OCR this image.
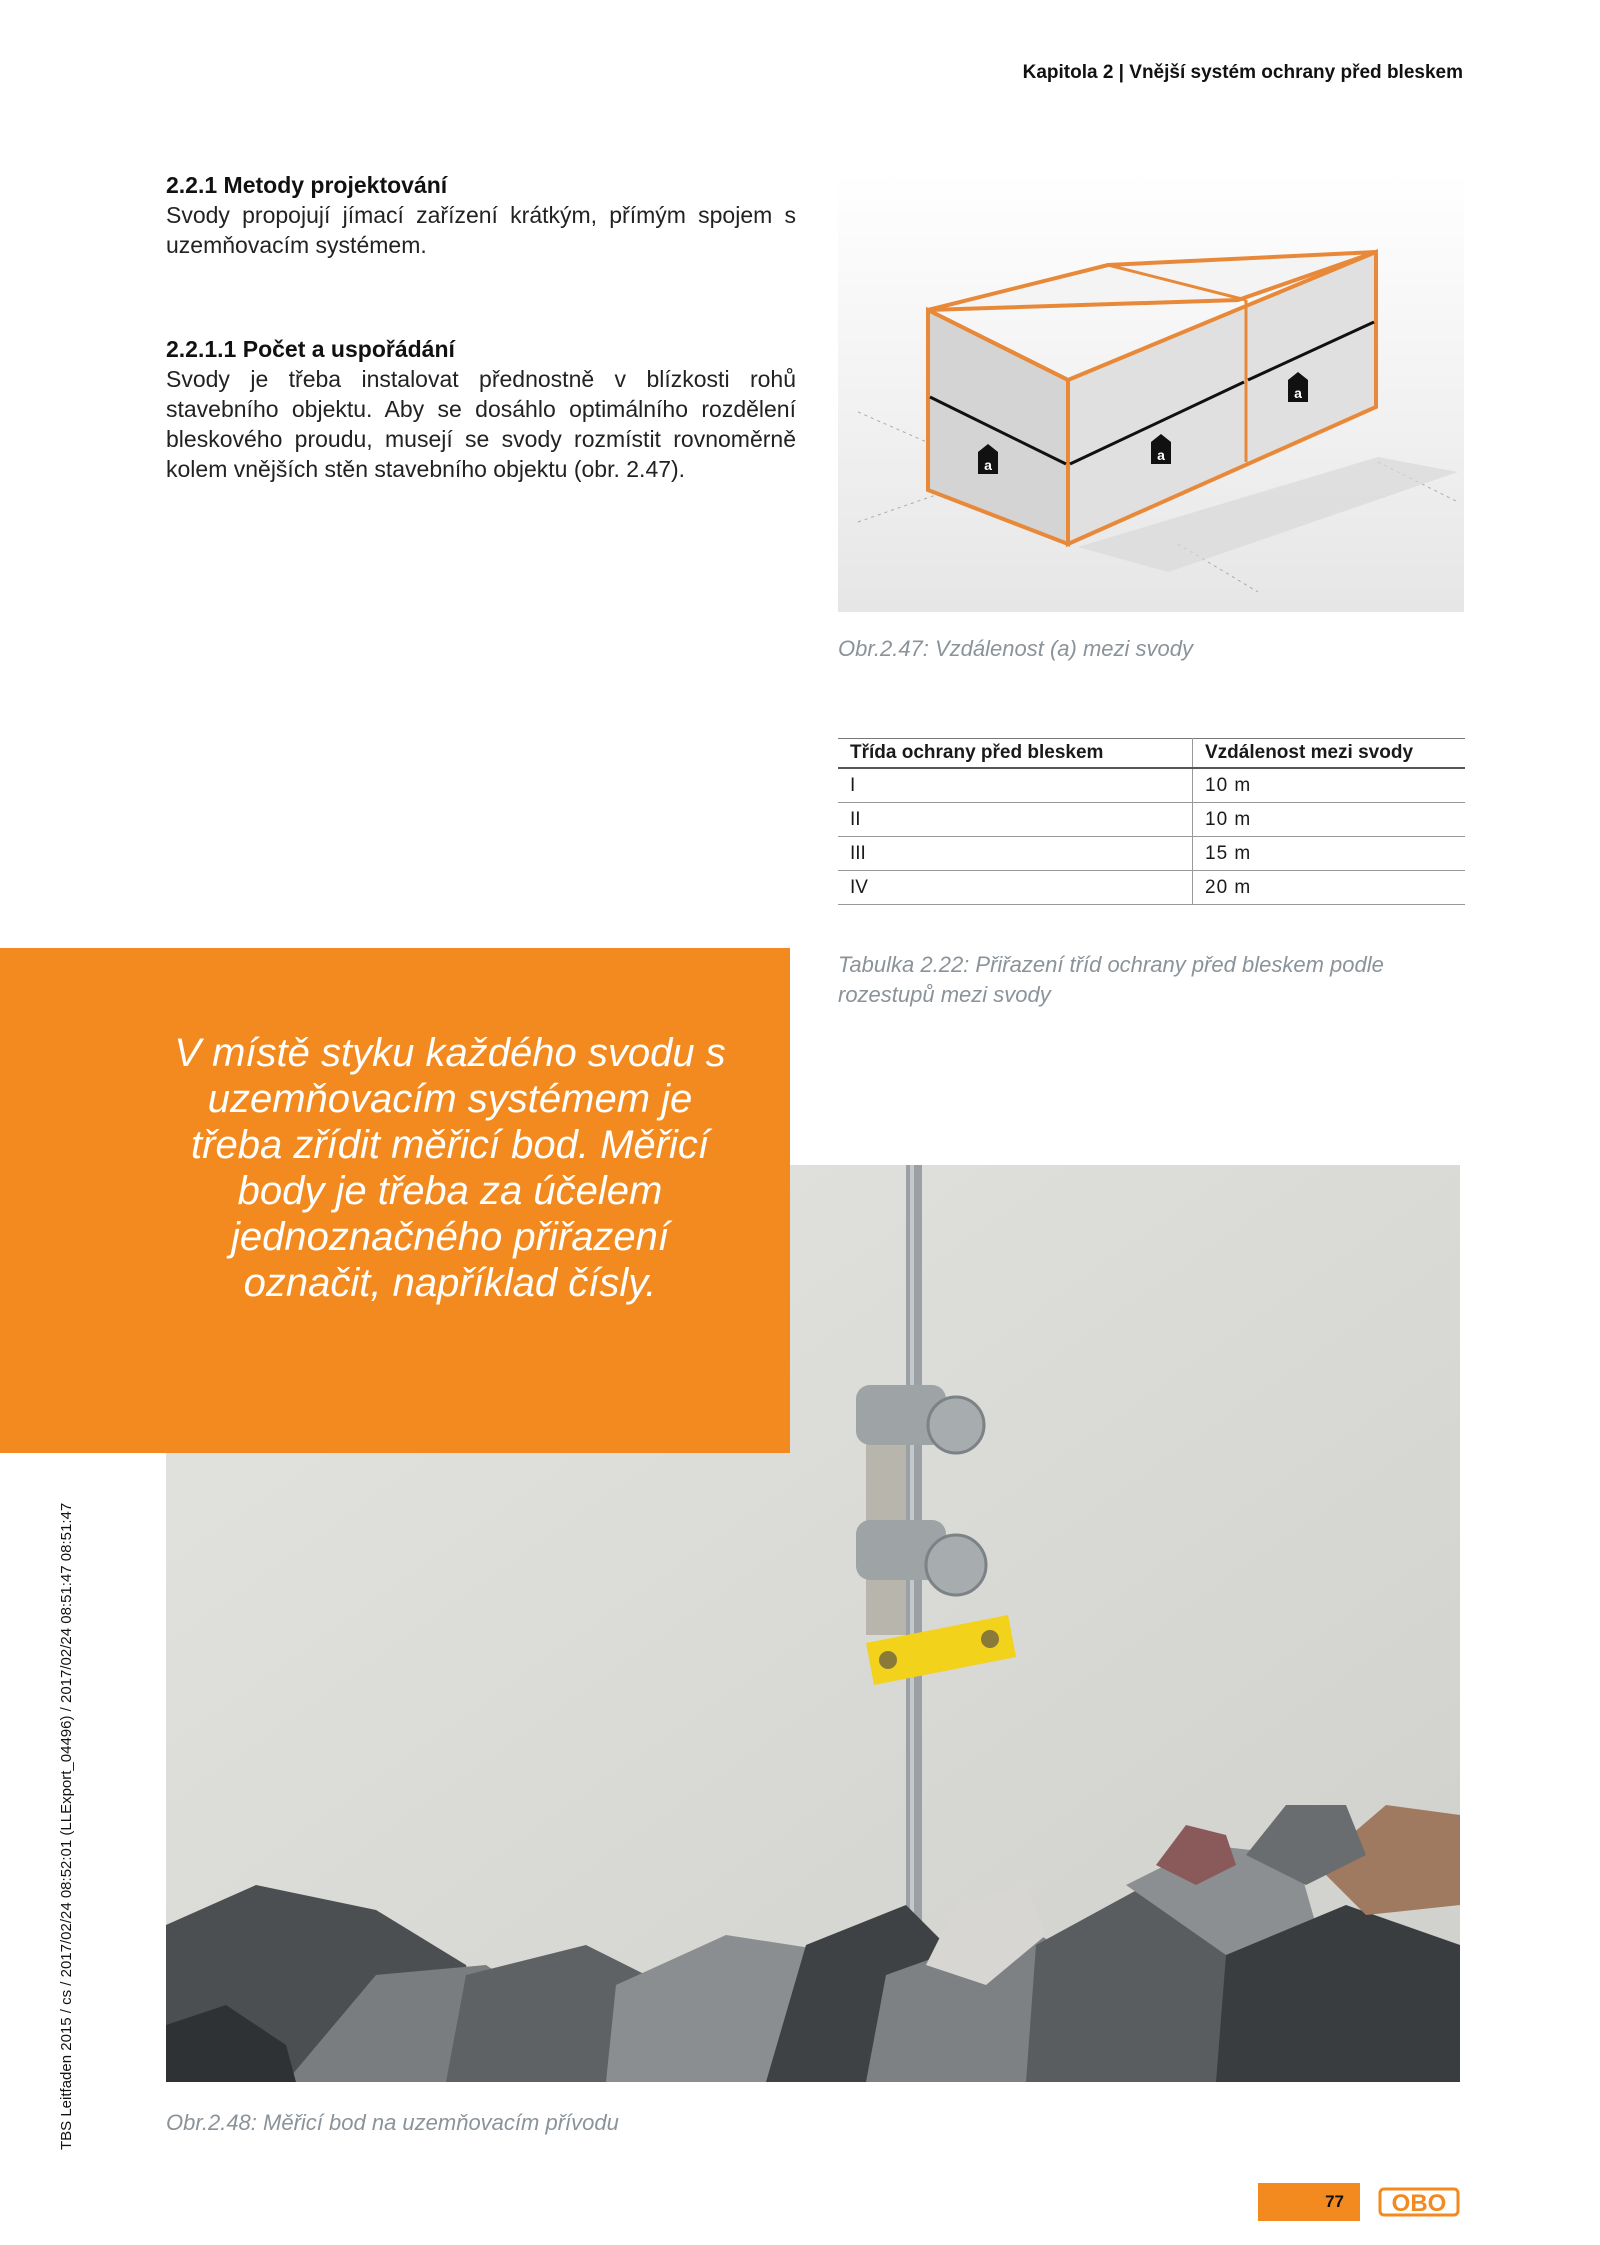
Kapitola 2 | Vnější systém ochrany před bleskem
2.2.1 Metody projektování
Svody propojují jímací zařízení krátkým, přímým spojem s uzemňovacím systémem.
2.2.1.1 Počet a uspořádání
Svody je třeba instalovat přednostně v blízkosti rohů stavebního objektu. Aby se dosáhlo optimálního rozdělení bleskového proudu, musejí se svody rozmístit rovnoměrně kolem vnějších stěn stavebního objektu (obr. 2.47).	a
a
a
Obr.2.47: Vzdálenost (a) mezi svody
Třída ochrany před bleskem	Vzdálenost mezi svody
I	10 m
II	10 m
III	15 m
IV	20 m
Tabulka 2.22: Přiřazení tříd ochrany před bleskem podle rozestupů mezi svody
V místě styku každého svodu s uzemňovacím systémem je třeba zřídit měřicí bod. Měřicí body je třeba za účelem jednoznačného přiřazení označit, například čísly.
Obr.2.48: Měřicí bod na uzemňovacím přívodu
TBS Leitfaden 2015 / cs / 2017/02/24 08:52:01 (LLExport_04496) / 2017/02/24 08:51:47 08:51:47
77 OBO
